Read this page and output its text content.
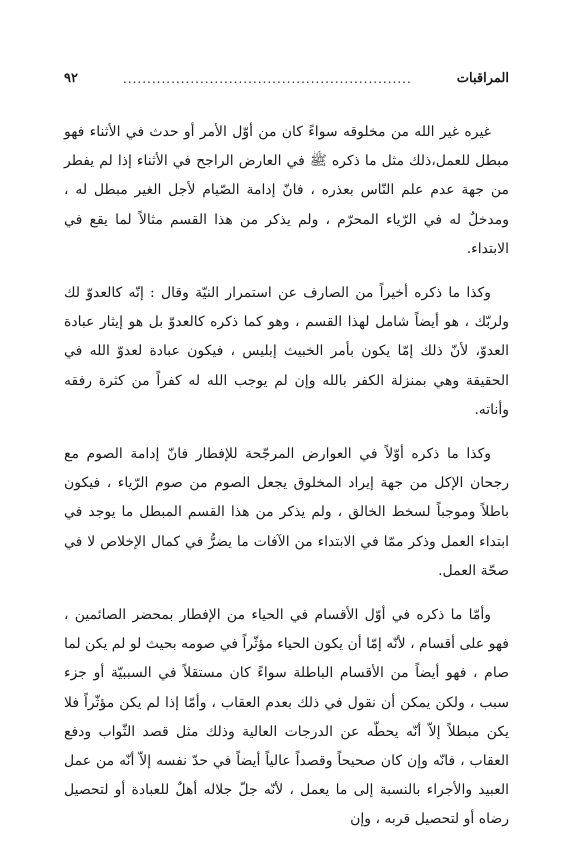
المراقبات
............................................................
٩٢

غيره غير الله من مخلوقه سواءً كان من أوّل الأمر أو حدث في الأثناء فهو مبطل للعمل،ذلك مثل ما ذكره ﷺ في العارض الراجح في الأثناء إذا لم يفطر من جهة عدم علم النّاس بعذره ، فانّ إدامة الصّيام لأجل الغير مبطل له ، ومدخلٌ له في الرّياء المحرّم ، ولم يذكر من هذا القسم مثالاً لما يقع في الابتداء.

وكذا ما ذكره أخيراً من الصارف عن استمرار النيّة وقال : إنّه كالعدوّ لك ولربّك ، هو أيضاً شامل لهذا القسم ، وهو كما ذكره كالعدوّ بل هو إيثار عبادة العدوّ، لأنّ ذلك إمّا يكون بأمر الخبيث إبليس ، فيكون عبادة لعدوّ الله في الحقيقة وهي بمنزلة الكفر بالله وإن لم يوجب الله له كفراً من كثرة رفقه وأناته.

وكذا ما ذكره أوّلاً في العوارض المرجّحة للإفطار فانّ إدامة الصوم مع رجحان الإكل من جهة إيراد المخلوق يجعل الصوم من صوم الرّياء ، فيكون باطلاً وموجباً لسخط الخالق ، ولم يذكر من هذا القسم المبطل ما يوجد في ابتداء العمل وذكر ممّا في الابتداء من الآفات ما يضرُّ في كمال الإخلاص لا في صحّة العمل.

وأمّا ما ذكره في أوّل الأقسام في الحياء من الإفطار بمحضر الصائمين ، فهو على أقسام ، لأنّه إمّا أن يكون الحياء مؤثّراً في صومه بحيث لو لم يكن لما صام ، فهو أيضاً من الأقسام الباطلة سواءً كان مستقلاً في السببيّة أو جزء سبب ، ولكن يمكن أن نقول في ذلك بعدم العقاب ، وأمّا إذا لم يكن مؤثّراً فلا يكن مبطلاً إلاّ أنّه يحطّه عن الدرجات العالية وذلك مثل قصد الثّواب ودفع العقاب ، فانّه وإن كان صحيحاً وقصداً عالياً أيضاً في حدّ نفسه إلاّ أنّه من عمل العبيد والأجراء بالنسبة إلى ما يعمل ، لأنّه جلّ جلاله أهلٌ للعبادة أو لتحصيل رضاه أو لتحصيل قربه ، وإن
